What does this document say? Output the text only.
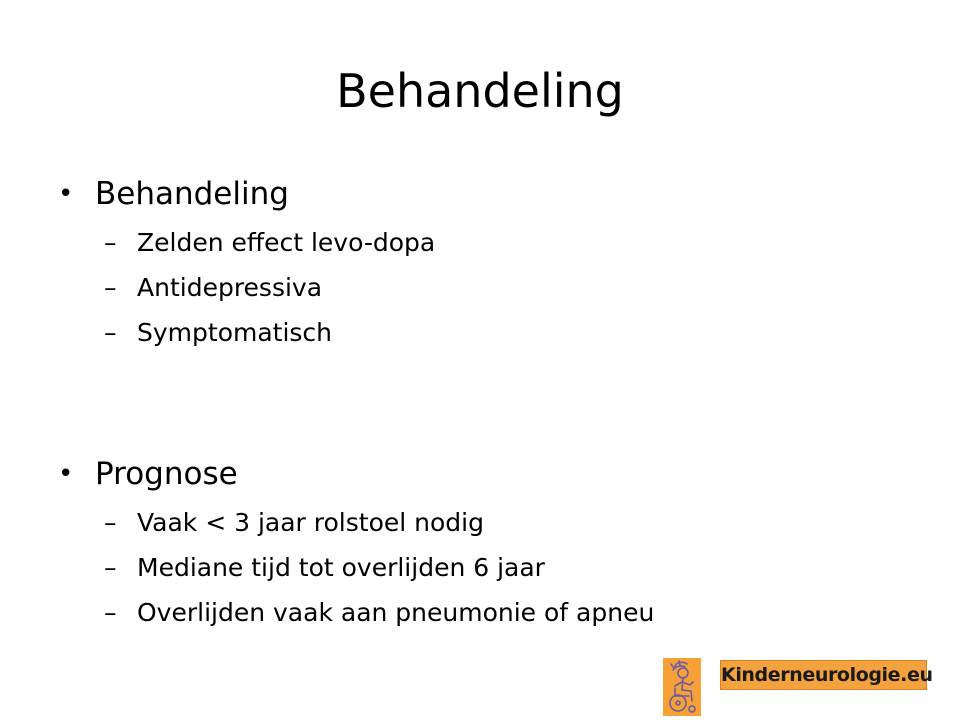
Behandeling
• Behandeling
– Zelden effect levo-dopa
– Antidepressiva
– Symptomatisch
• Prognose
– Vaak < 3 jaar rolstoel nodig
– Mediane tijd tot overlijden 6 jaar
– Overlijden vaak aan pneumonie of apneu
Kinderneurologie.eu
